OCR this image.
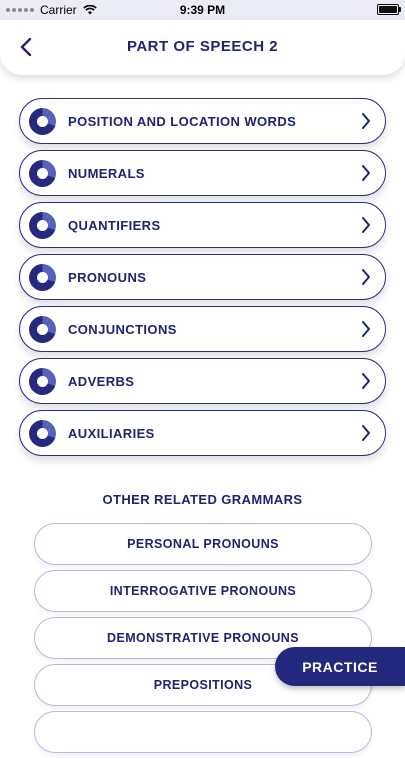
Carrier	9:39 PM
PART OF SPEECH 2
POSITION AND LOCATION WORDS
NUMERALS
QUANTIFIERS
PRONOUNS
CONJUNCTIONS
ADVERBS
AUXILIARIES
OTHER RELATED GRAMMARS
PERSONAL PRONOUNS
INTERROGATIVE PRONOUNS
DEMONSTRATIVE PRONOUNS
PREPOSITIONS
PRACTICE
